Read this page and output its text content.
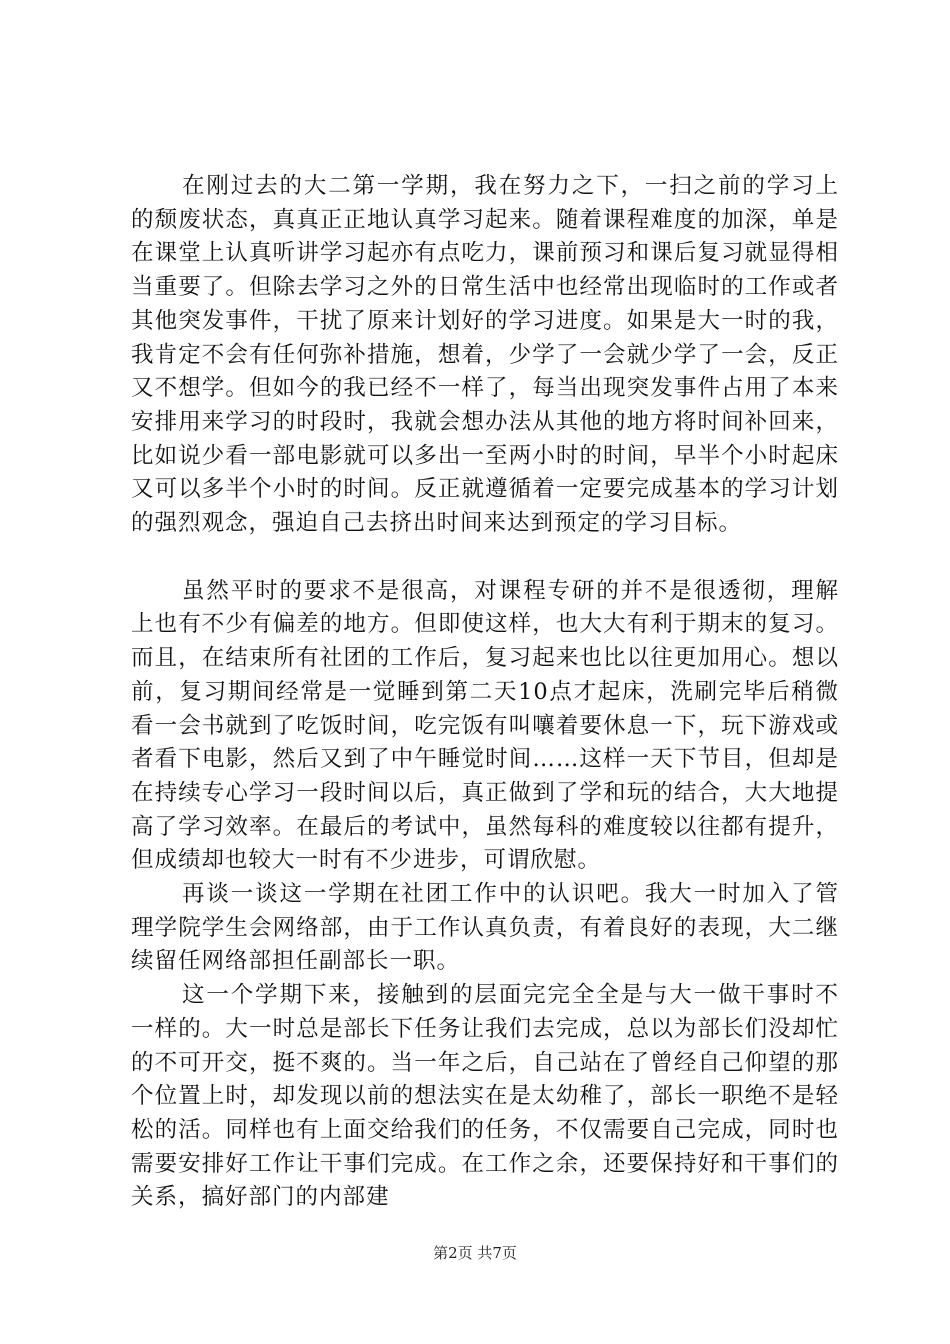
在刚过去的大二第一学期，我在努力之下，一扫之前的学习上的颓废状态，真真正正地认真学习起来。随着课程难度的加深，单是在课堂上认真听讲学习起亦有点吃力，课前预习和课后复习就显得相当重要了。但除去学习之外的日常生活中也经常出现临时的工作或者其他突发事件，干扰了原来计划好的学习进度。如果是大一时的我，我肯定不会有任何弥补措施，想着，少学了一会就少学了一会，反正又不想学。但如今的我已经不一样了，每当出现突发事件占用了本来安排用来学习的时段时，我就会想办法从其他的地方将时间补回来，比如说少看一部电影就可以多出一至两小时的时间，早半个小时起床又可以多半个小时的时间。反正就遵循着一定要完成基本的学习计划的强烈观念，强迫自己去挤出时间来达到预定的学习目标。

虽然平时的要求不是很高，对课程专研的并不是很透彻，理解上也有不少有偏差的地方。但即使这样，也大大有利于期末的复习。而且，在结束所有社团的工作后，复习起来也比以往更加用心。想以前，复习期间经常是一觉睡到第二天10点才起床，洗刷完毕后稍微看一会书就到了吃饭时间，吃完饭有叫嚷着要休息一下，玩下游戏或者看下电影，然后又到了中午睡觉时间……这样一天下节目，但却是在持续专心学习一段时间以后，真正做到了学和玩的结合，大大地提高了学习效率。在最后的考试中，虽然每科的难度较以往都有提升，但成绩却也较大一时有不少进步，可谓欣慰。

再谈一谈这一学期在社团工作中的认识吧。我大一时加入了管理学院学生会网络部，由于工作认真负责，有着良好的表现，大二继续留任网络部担任副部长一职。

这一个学期下来，接触到的层面完完全全是与大一做干事时不一样的。大一时总是部长下任务让我们去完成，总以为部长们没却忙的不可开交，挺不爽的。当一年之后，自己站在了曾经自己仰望的那个位置上时，却发现以前的想法实在是太幼稚了，部长一职绝不是轻松的活。同样也有上面交给我们的任务，不仅需要自己完成，同时也需要安排好工作让干事们完成。在工作之余，还要保持好和干事们的关系，搞好部门的内部建

第2页 共7页
